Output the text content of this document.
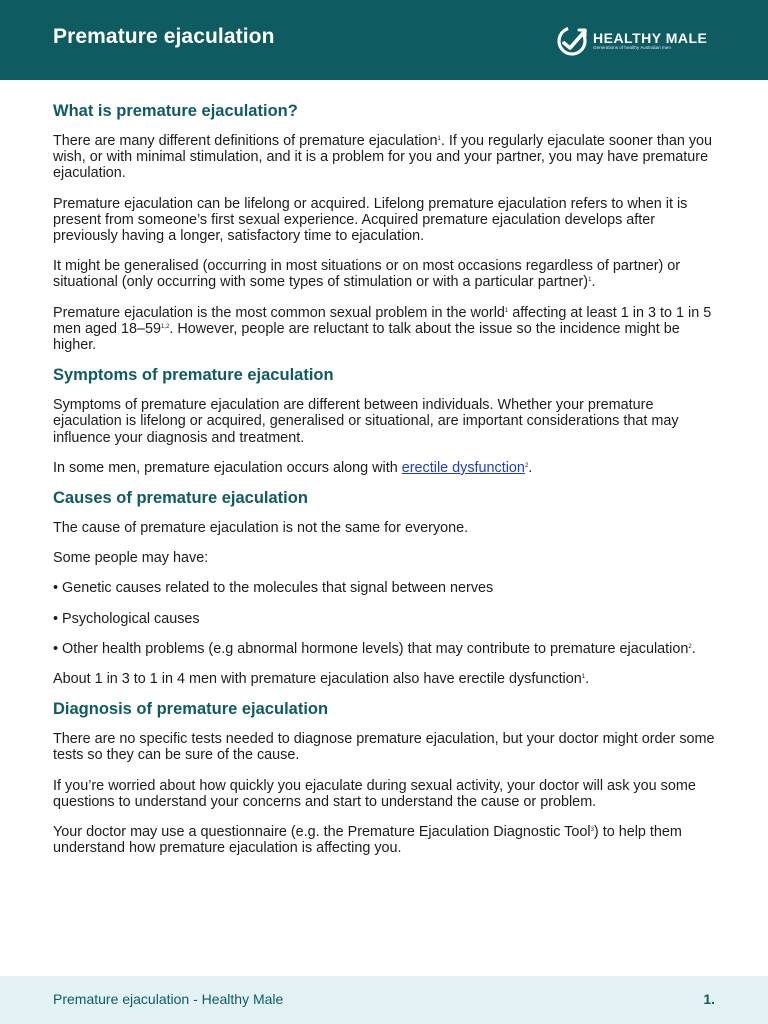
Premature ejaculation	HEALTHY MALE
Generations of healthy Australian men
What is premature ejaculation?

There are many different definitions of premature ejaculation$^1$. If you regularly ejaculate sooner than you wish, or with minimal stimulation, and it is a problem for you and your partner, you may have premature ejaculation.

Premature ejaculation can be lifelong or acquired. Lifelong premature ejaculation refers to when it is present from someone’s first sexual experience. Acquired premature ejaculation develops after previously having a longer, satisfactory time to ejaculation.

It might be generalised (occurring in most situations or on most occasions regardless of partner) or situational (only occurring with some types of stimulation or with a particular partner)$^1$.

Premature ejaculation is the most common sexual problem in the world$^1$ affecting at least 1 in 3 to 1 in 5 men aged 18–59$^{1,2}$. However, people are reluctant to talk about the issue so the incidence might be higher.

Symptoms of premature ejaculation

Symptoms of premature ejaculation are different between individuals. Whether your premature ejaculation is lifelong or acquired, generalised or situational, are important considerations that may influence your diagnosis and treatment.

In some men, premature ejaculation occurs along with erectile dysfunction$^2$.

Causes of premature ejaculation

The cause of premature ejaculation is not the same for everyone.

Some people may have:

• Genetic causes related to the molecules that signal between nerves

• Psychological causes

• Other health problems (e.g abnormal hormone levels) that may contribute to premature ejaculation$^2$.

About 1 in 3 to 1 in 4 men with premature ejaculation also have erectile dysfunction$^1$.

Diagnosis of premature ejaculation

There are no specific tests needed to diagnose premature ejaculation, but your doctor might order some tests so they can be sure of the cause.

If you’re worried about how quickly you ejaculate during sexual activity, your doctor will ask you some questions to understand your concerns and start to understand the cause or problem.

Your doctor may use a questionnaire (e.g. the Premature Ejaculation Diagnostic Tool$^3$) to help them understand how premature ejaculation is affecting you.

Premature ejaculation - Healthy Male	1.
